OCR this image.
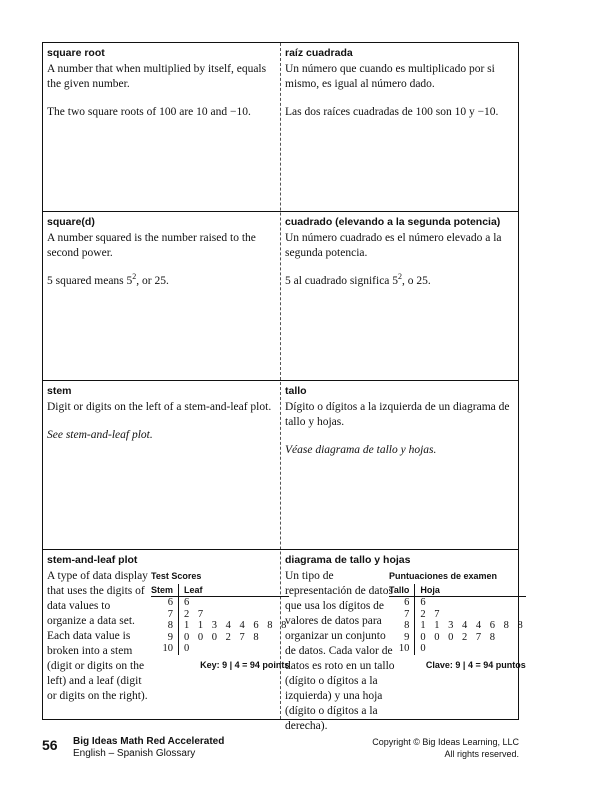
square root

A number that when multiplied by itself, equals the given number.

The two square roots of 100 are 10 and −10.

raíz cuadrada

Un número que cuando es multiplicado por si mismo, es igual al número dado.

Las dos raíces cuadradas de 100 son 10 y −10.

square(d)

A number squared is the number raised to the second power.

5 squared means $5^2$, or 25.

cuadrado (elevando a la segunda potencia)

Un número cuadrado es el número elevado a la segunda potencia.

5 al cuadrado significa $5^2$, o 25.

stem

Digit or digits on the left of a stem-and-leaf plot.

See stem-and-leaf plot.

tallo

Dígito o dígitos a la izquierda de un diagrama de tallo y hojas.

Véase diagrama de tallo y hojas.

stem-and-leaf plot

A type of data display that uses the digits of data values to organize a data set. Each data value is broken into a stem (digit or digits on the left) and a leaf (digit or digits on the right).

Test Scores
Stem	Leaf
6	6
7	2 7
8	1 1 3 4 4 6 8 8
9	0 0 0 2 7 8
10	0
Key: 9 | 4 = 94 points

diagrama de tallo y hojas

Un tipo de representación de datos que usa los dígitos de valores de datos para organizar un conjunto de datos. Cada valor de datos es roto en un tallo (dígito o dígitos a la izquierda) y una hoja (dígito o dígitos a la derecha).

Puntuaciones de examen
Tallo	Hoja
6	6
7	2 7
8	1 1 3 4 4 6 8 8
9	0 0 0 2 7 8
10	0
Clave: 9 | 4 = 94 puntos
56 Big Ideas Math Red Accelerated
English – Spanish Glossary
Copyright © Big Ideas Learning, LLC
All rights reserved.
